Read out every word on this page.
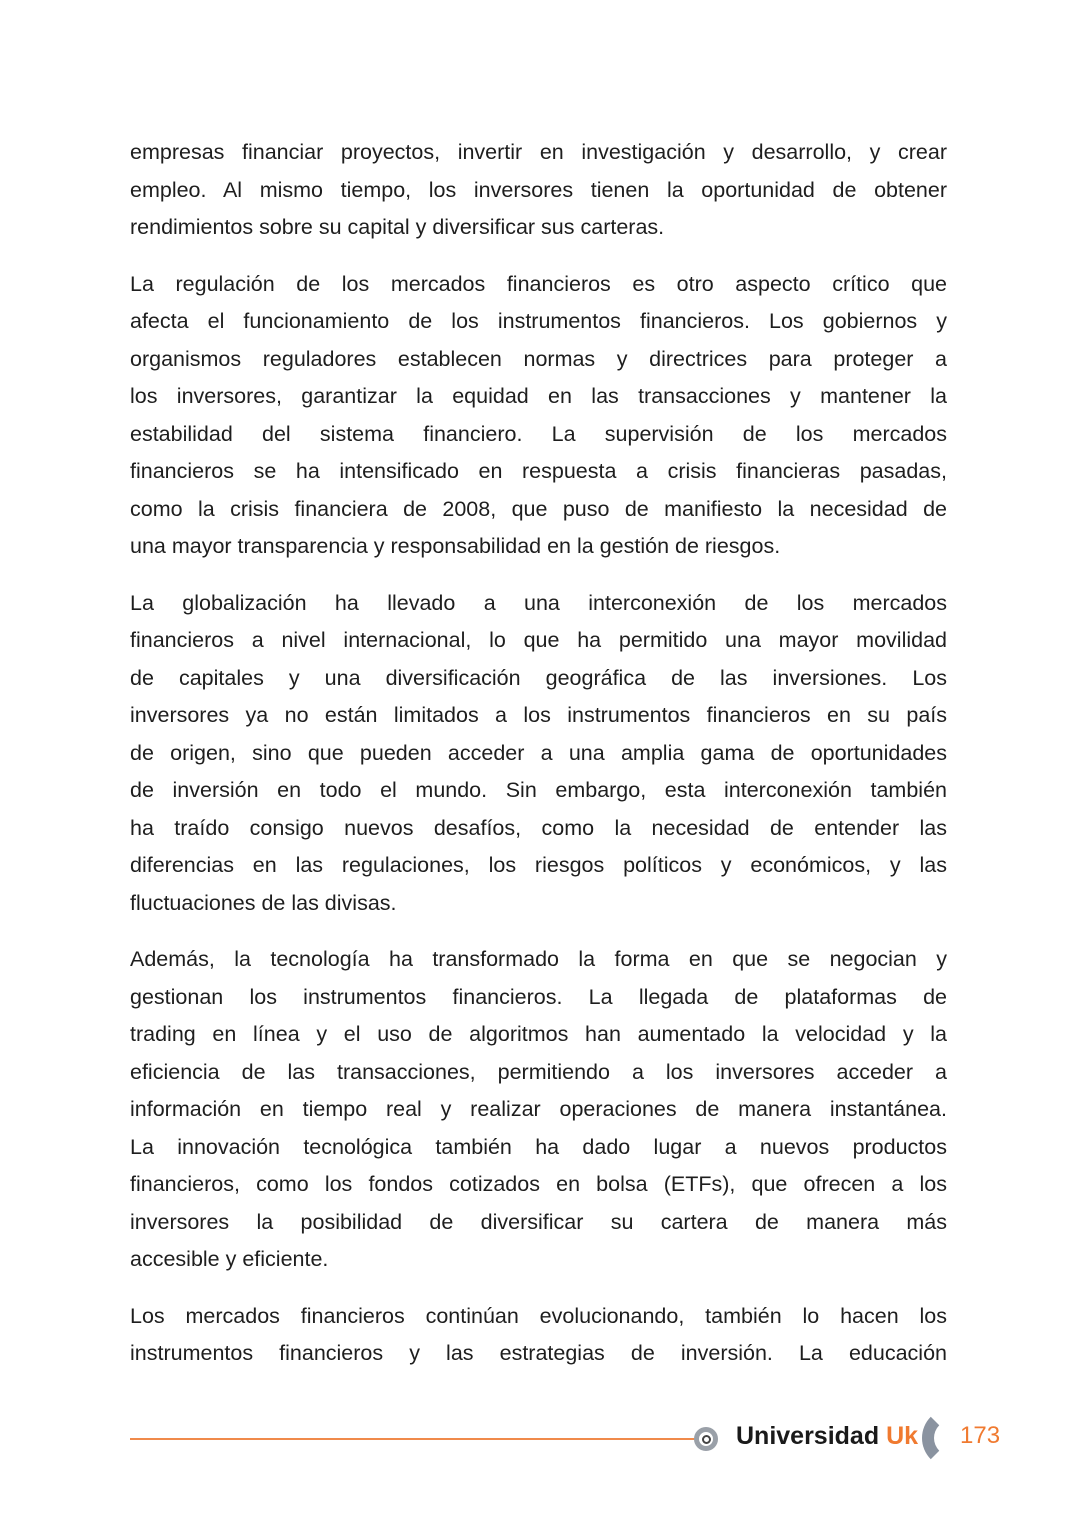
empresas financiar proyectos, invertir en investigación y desarrollo, y crear
empleo. Al mismo tiempo, los inversores tienen la oportunidad de obtener
rendimientos sobre su capital y diversificar sus carteras.
La regulación de los mercados financieros es otro aspecto crítico que
afecta el funcionamiento de los instrumentos financieros. Los gobiernos y
organismos reguladores establecen normas y directrices para proteger a
los inversores, garantizar la equidad en las transacciones y mantener la
estabilidad del sistema financiero. La supervisión de los mercados
financieros se ha intensificado en respuesta a crisis financieras pasadas,
como la crisis financiera de 2008, que puso de manifiesto la necesidad de
una mayor transparencia y responsabilidad en la gestión de riesgos.
La globalización ha llevado a una interconexión de los mercados
financieros a nivel internacional, lo que ha permitido una mayor movilidad
de capitales y una diversificación geográfica de las inversiones. Los
inversores ya no están limitados a los instrumentos financieros en su país
de origen, sino que pueden acceder a una amplia gama de oportunidades
de inversión en todo el mundo. Sin embargo, esta interconexión también
ha traído consigo nuevos desafíos, como la necesidad de entender las
diferencias en las regulaciones, los riesgos políticos y económicos, y las
fluctuaciones de las divisas.
Además, la tecnología ha transformado la forma en que se negocian y
gestionan los instrumentos financieros. La llegada de plataformas de
trading en línea y el uso de algoritmos han aumentado la velocidad y la
eficiencia de las transacciones, permitiendo a los inversores acceder a
información en tiempo real y realizar operaciones de manera instantánea.
La innovación tecnológica también ha dado lugar a nuevos productos
financieros, como los fondos cotizados en bolsa (ETFs), que ofrecen a los
inversores la posibilidad de diversificar su cartera de manera más
accesible y eficiente.
Los mercados financieros continúan evolucionando, también lo hacen los
instrumentos financieros y las estrategias de inversión. La educación
Universidad Uk 173
